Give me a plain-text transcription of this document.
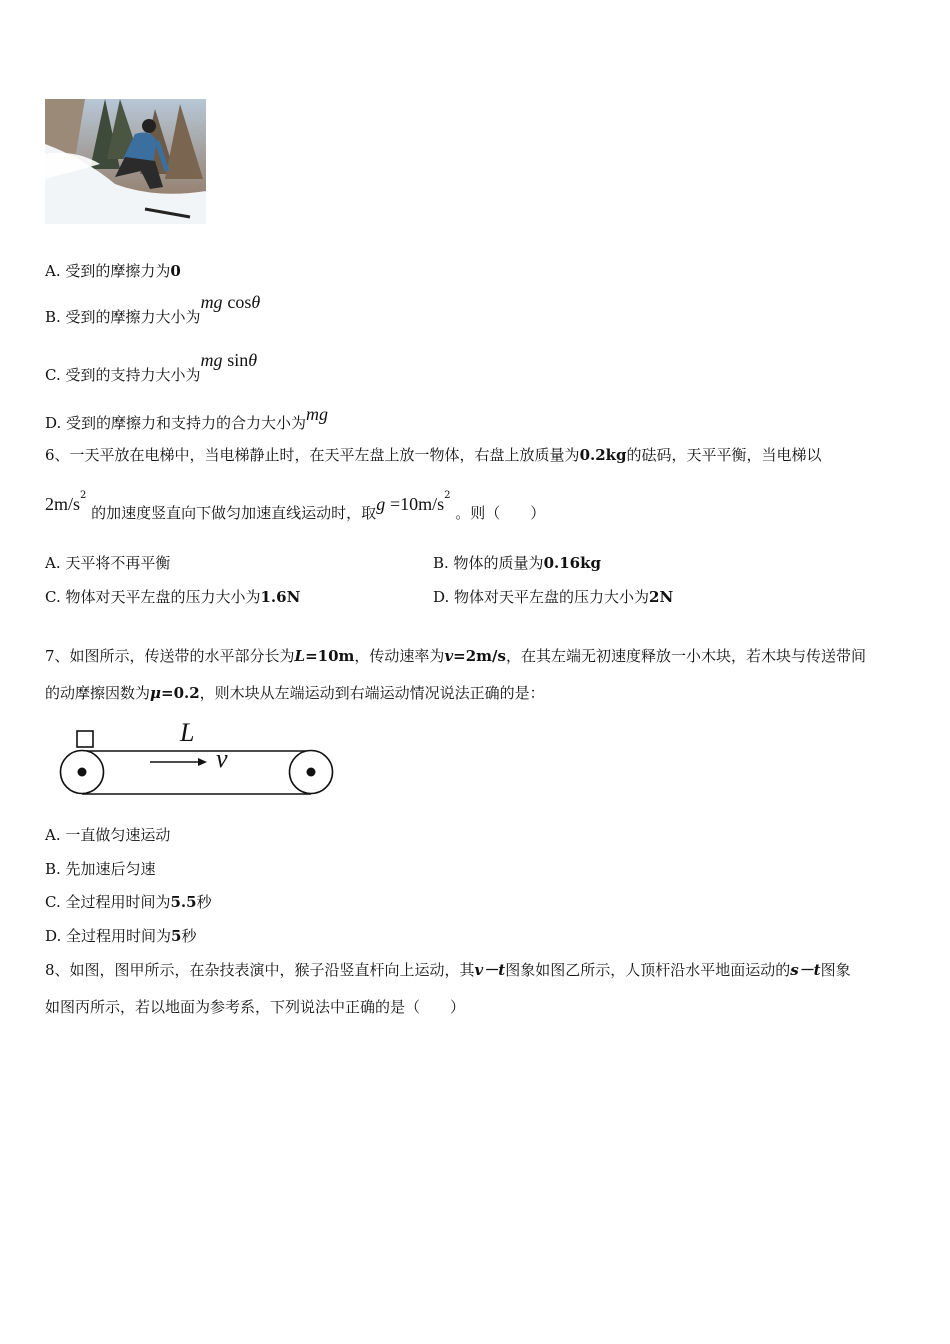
A. 受到的摩擦力为0
B. 受到的摩擦力大小为mg cosθ
C. 受到的支持力大小为mg sinθ
D. 受到的摩擦力和支持力的合力大小为mg
6、一天平放在电梯中，当电梯静止时，在天平左盘上放一物体，右盘上放质量为0.2kg的砝码，天平平衡，当电梯以
$2m/s^2$ 的加速度竖直向下做匀加速直线运动时，取$g =10m/s^2$ 。则（　　）
A. 天平将不再平衡	B. 物体的质量为0.16kg
C. 物体对天平左盘的压力大小为1.6N	D. 物体对天平左盘的压力大小为2N
7、如图所示，传送带的水平部分长为L=10m，传动速率为v=2m/s，在其左端无初速度释放一小木块，若木块与传送带间
的动摩擦因数为μ=0.2，则木块从左端运动到右端运动情况说法正确的是：
L
v
A. 一直做匀速运动
B. 先加速后匀速
C. 全过程用时间为5.5秒
D. 全过程用时间为5秒
8、如图，图甲所示，在杂技表演中，猴子沿竖直杆向上运动，其v－t图象如图乙所示，人顶杆沿水平地面运动的s－t图象
如图丙所示，若以地面为参考系，下列说法中正确的是（　　）
